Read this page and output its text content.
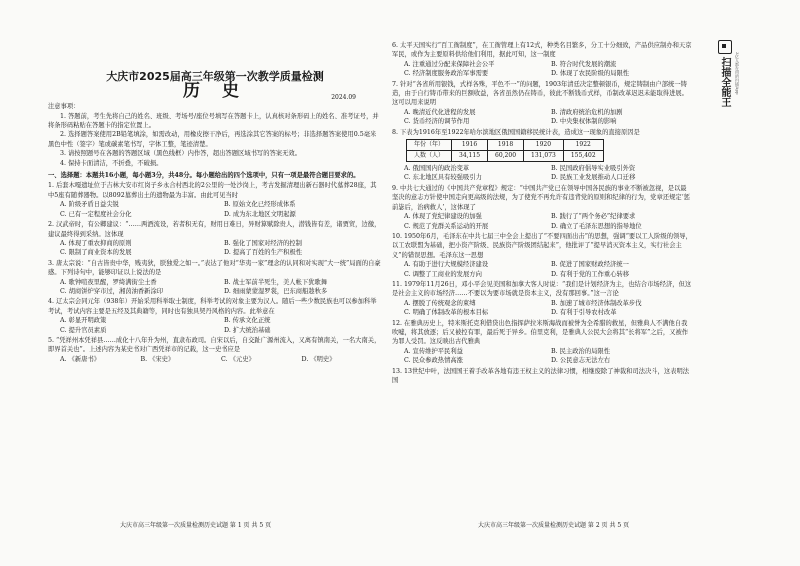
大庆市2025届高三年级第一次教学质量检测

历 史	2024.09

注意事项：

1. 答题前，考生先将自己的姓名、班级、考场号/座位号填写在答题卡上，认真核对条形码上的姓名、准考证号，并将条形码粘贴在答题卡的指定位置上。

2. 选择题答案使用2B铅笔填涂，如需改动，用橡皮擦干净后，再选涂其它答案的标号；非选择题答案使用0.5毫米黑色中性（签字）笔或碳素笔书写，字体工整，笔迹清楚。

3. 请按照题号在各题的答题区域（黑色线框）内作答，超出答题区域书写的答案无效。

4. 保持卡面清洁，不折叠，不破损。

一、选择题：本题共16小题，每小题3分，共48分。每小题给出的四个选项中，只有一项是最符合题目要求的。

1. 后套木嘎遗址位于吉林大安市红岗子乡永合村西北的2公里的一处沙岗上，考古发掘清理出新石器时代墓葬28座，其中5座有随葬器物。以8092墓葬出土的遗物最为丰富。由此可见当时

A. 阶级矛盾日益尖锐	B. 原始文化已经形成体系
C. 已有一定程度社会分化	D. 成为东北地区文明起源

2. 汉武帝时，有公卿建议：“……两酒流设，若者积无有，财用日难日，异财算赋除贵人，潜钱皆有差，诸贾贸，边徼，建议最终得到采纳。这体现

A. 体现了重农抑商的原则	B. 强化了国家对经济的控制
C. 限制了商业资本的发展	D. 提高了百姓的生产积极性

3. 唐太宗说：“自古皆贵中华，贱夷狄，朕独爱之如一。”表达了他对“华夷一家”理念的认同和对实现“大一统”局面的自豪感。下列诗句中，能够印证以上说法的是

A. 歌钟喧夜里醒，罗绮满街尘土香	B. 战士军前半死生，美人帐下犹歌舞
C. 胡商饼炉穿市过，湘茵油香新涂印	D. 细雨蒙蒙湿罗裳，巴东商船趁秋多

4. 辽太宗会同元年（938年）开始采用科举取士制度，科举考试的对象主要为汉人。随后一些少数民族也可以参加科举考试，考试内容主要是五经及其典籍等，同时也有独具契丹风格的内容。此举意在

A. 彰显开明政策	B. 传承文化正统
C. 提升官员素质	D. 扩大统治基础

5. “凭祥州本凭祥县……成化十八年升为州，直隶布政司。自宋以后，自交趾广源州流入，又离有镇南关，一名大南关，即界首关也”。上述内容为某史书对广西凭祥市的记载，这一史书应是

A. 《新唐书》	B. 《宋史》	C. 《元史》	D. 《明史》

6. 太平天国实行“百工衙制度”，在工衙管理上有12式，种类名目繁多，分工十分细致，产品供应制办和天京军民，或作为主要原料供给他们利用，据此可知，这一制度

A. 注重通过分配来保障社会公平	B. 符合时代发展的潮流
C. 经济制度服务政治军事需要	D. 体现了农民阶级的局限性

7. 针对“各省所用银钱，式样各殊，平色不一”的问题，1903年清廷决定整顿银币，规定铸制由户部统一铸造，由于自行铸币带来的巨额收益，各省虽然仍在铸币，彼此不断钱币式样，币制改革迟迟未能取得进展。这可以用来说明

A. 晚清近代化进程的发展	B. 清政府统治危机的加剧
C. 货币经济的调节作用	D. 中央集权体制的影响

8. 下表为1916年至1922年哈尔滨地区俄国国籍移民统计表，造成这一现象的直接原因是

年份（年）	1916	1918	1920	1922
人数（人）	34,115	60,200	131,073	155,402
A. 俄国国内的政治变革	B. 民国政府倡导实业吸引外资
C. 东北地区具有较强吸引力	D. 民族工业发展推动人口迁移

9. 中共七大通过的《中国共产党章程》规定：“中国共产党已在领导中国各民族的事业不断被忽视，是以最坚决的意志方针使中国走向更高级的法规，为了使党不再允许有违背党的原则和纪律的行为，党章还规定‘惩前毖后，治病救人’，这体现了

A. 体现了党纪律建设的加强	B. 践行了“两个务必”纪律要求
C. 规范了党群关系运动的开展	D. 确立了毛泽东思想的指导地位

10. 1950年6月，毛泽东在中共七届三中全会上提出了“不要四面出击”的思想，强调“要以工人阶级的领导，以工农联盟为基础，把小资产阶级、民族资产阶级团结起来”，他批评了“提早消灭资本主义，实行社会主义”的错误思想。毛泽东这一思想

A. 有助于进行大规模经济建设	B. 促进了国家财政经济统一
C. 调整了工商业的发展方向	D. 有利于党的工作重心转移

11. 1979年11月26日，邓小平会见美国和加拿大客人时说：“我们是计划经济为主，也结合市场经济，但这是社会主义的市场经济……不要以为要市场就是资本主义，没有那回事。”这一言论

A. 摆脱了传统观念的束缚	B. 加速了城市经济体制改革步伐
C. 明确了体制改革的根本目标	D. 有利于引导农村改革

12. 在雅典历史上，特米斯托克利借贷出色指挥萨拉米斯海战而被誉为全希腊的救星，但雅典人不满他自我吹嘘，将其放逐；后又被控有罪，最后死于异乡。伯里克利，是雅典人公民大会将其“长将军”之后，又被作为罪人受罚。这反映出古代雅典

A. 宣传维护平民利益	B. 民主政治的局限性
C. 民众参政热情高涨	D. 公民意志无法左右

13. 13世纪中叶，法国国王着手改革各地有违王权主义的法律习惯，相继废除了神裁和司法决斗，这表明法国

大庆市高三年级第一次质量检测历史试题 第 1 页 共 5 页	大庆市高三年级第一次质量检测历史试题 第 2 页 共 5 页

扫描全能王	3亿人都在用的扫描App
